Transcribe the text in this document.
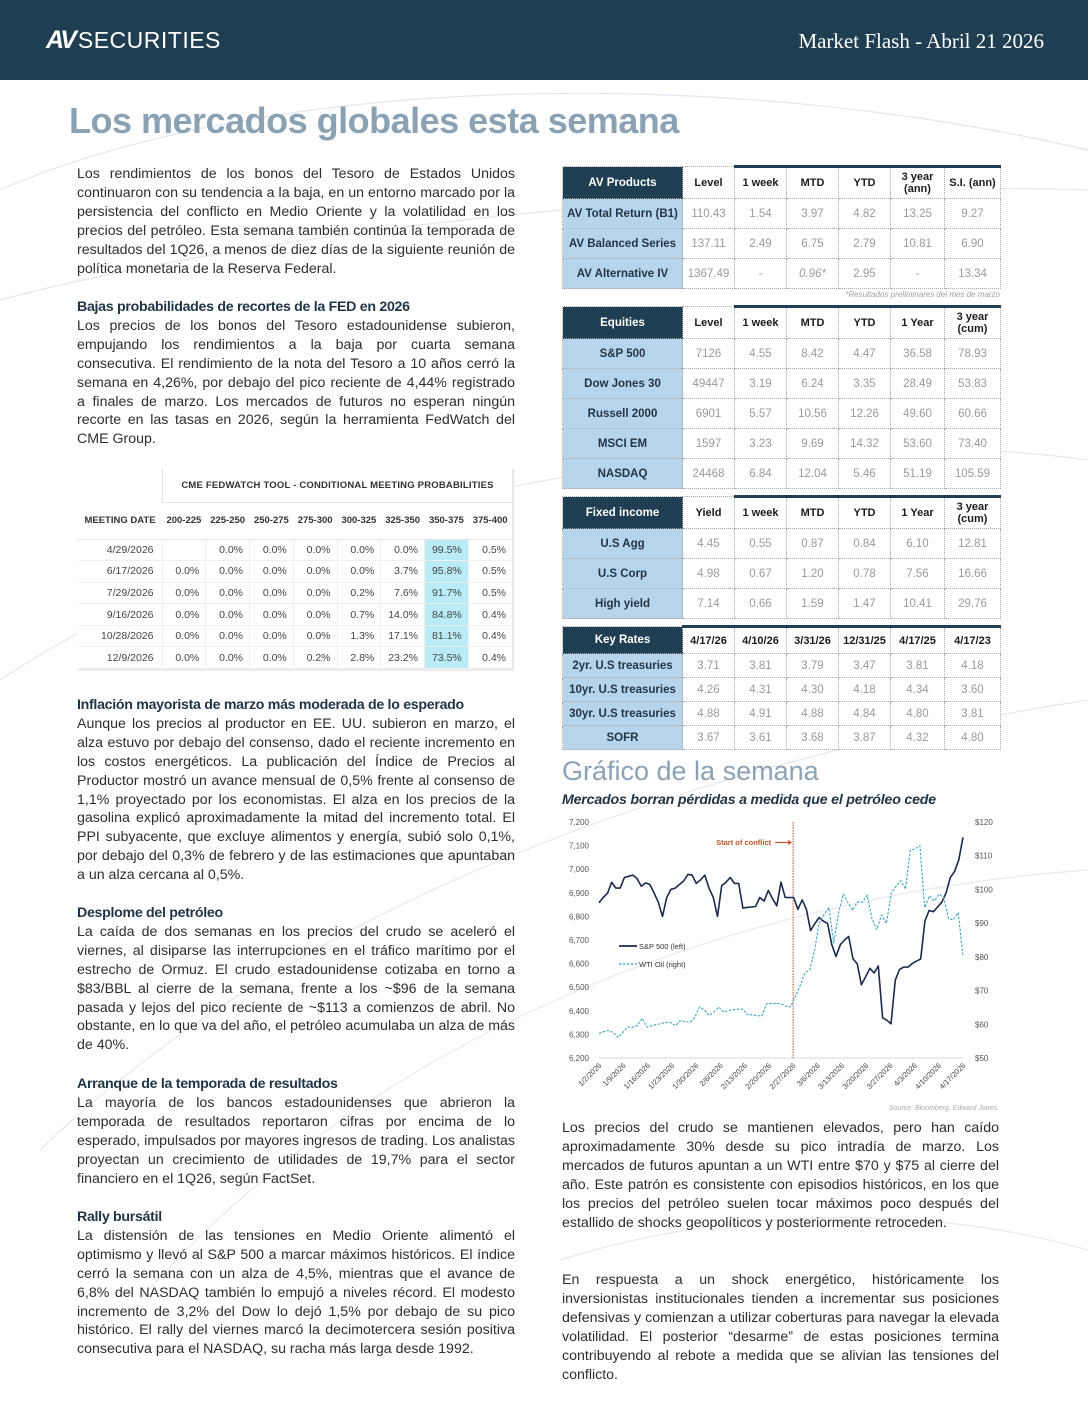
AV SECURITIES	Market Flash - Abril 21 2026
Los mercados globales esta semana

Los rendimientos de los bonos del Tesoro de Estados Unidos continuaron con su tendencia a la baja, en un entorno marcado por la persistencia del conflicto en Medio Oriente y la volatilidad en los precios del petróleo. Esta semana también continúa la temporada de resultados del 1Q26, a menos de diez días de la siguiente reunión de política monetaria de la Reserva Federal.

Bajas probabilidades de recortes de la FED en 2026

Los precios de los bonos del Tesoro estadounidense subieron, empujando los rendimientos a la baja por cuarta semana consecutiva. El rendimiento de la nota del Tesoro a 10 años cerró la semana en 4,26%, por debajo del pico reciente de 4,44% registrado a finales de marzo. Los mercados de futuros no esperan ningún recorte en las tasas en 2026, según la herramienta FedWatch del CME Group.

CME FEDWATCH TOOL - CONDITIONAL MEETING PROBABILITIES
MEETING DATE	200-225	225-250	250-275	275-300	300-325	325-350	350-375	375-400
4/29/2026		0.0%	0.0%	0.0%	0.0%	0.0%	99.5%	0.5%
6/17/2026	0.0%	0.0%	0.0%	0.0%	0.0%	3.7%	95.8%	0.5%
7/29/2026	0.0%	0.0%	0.0%	0.0%	0.2%	7.6%	91.7%	0.5%
9/16/2026	0.0%	0.0%	0.0%	0.0%	0.7%	14.0%	84.8%	0.4%
10/28/2026	0.0%	0.0%	0.0%	0.0%	1.3%	17.1%	81.1%	0.4%
12/9/2026	0.0%	0.0%	0.0%	0.2%	2.8%	23.2%	73.5%	0.4%
Inflación mayorista de marzo más moderada de lo esperado

Aunque los precios al productor en EE. UU. subieron en marzo, el alza estuvo por debajo del consenso, dado el reciente incremento en los costos energéticos. La publicación del Índice de Precios al Productor mostró un avance mensual de 0,5% frente al consenso de 1,1% proyectado por los economistas. El alza en los precios de la gasolina explicó aproximadamente la mitad del incremento total. El PPI subyacente, que excluye alimentos y energía, subió solo 0,1%, por debajo del 0,3% de febrero y de las estimaciones que apuntaban a un alza cercana al 0,5%.

Desplome del petróleo

La caída de dos semanas en los precios del crudo se aceleró el viernes, al disiparse las interrupciones en el tráfico marítimo por el estrecho de Ormuz. El crudo estadounidense cotizaba en torno a $83/BBL al cierre de la semana, frente a los ~$96 de la semana pasada y lejos del pico reciente de ~$113 a comienzos de abril. No obstante, en lo que va del año, el petróleo acumulaba un alza de más de 40%.

Arranque de la temporada de resultados

La mayoría de los bancos estadounidenses que abrieron la temporada de resultados reportaron cifras por encima de lo esperado, impulsados por mayores ingresos de trading. Los analistas proyectan un crecimiento de utilidades de 19,7% para el sector financiero en el 1Q26, según FactSet.

Rally bursátil

La distensión de las tensiones en Medio Oriente alimentó el optimismo y llevó al S&P 500 a marcar máximos históricos. El índice cerró la semana con un alza de 4,5%, mientras que el avance de 6,8% del NASDAQ también lo empujó a niveles récord. El modesto incremento de 3,2% del Dow lo dejó 1,5% por debajo de su pico histórico. El rally del viernes marcó la decimotercera sesión positiva consecutiva para el NASDAQ, su racha más larga desde 1992.

AV Products	Level	1 week	MTD	YTD	3 year (ann)	S.I. (ann)
AV Total Return (B1)	110.43	1.54	3.97	4.82	13.25	9.27
AV Balanced Series	137.11	2.49	6.75	2.79	10.81	6.90
AV Alternative IV	1367.49	-	0.96*	2.95	-	13.34
*Resultados preliminares del mes de marzo
Equities	Level	1 week	MTD	YTD	1 Year	3 year (cum)
S&P 500	7126	4.55	8.42	4.47	36.58	78.93
Dow Jones 30	49447	3.19	6.24	3.35	28.49	53.83
Russell 2000	6901	5.57	10.56	12.26	49.60	60.66
MSCI EM	1597	3.23	9.69	14.32	53.60	73.40
NASDAQ	24468	6.84	12.04	5.46	51.19	105.59
Fixed income	Yield	1 week	MTD	YTD	1 Year	3 year (cum)
U.S Agg	4.45	0.55	0.87	0.84	6.10	12.81
U.S Corp	4.98	0.67	1.20	0.78	7.56	16.66
High yield	7.14	0.66	1.59	1.47	10.41	29.76
Key Rates	4/17/26	4/10/26	3/31/26	12/31/25	4/17/25	4/17/23
2yr. U.S treasuries	3.71	3.81	3.79	3.47	3.81	4.18
10yr. U.S treasuries	4.26	4.31	4.30	4.18	4.34	3.60
30yr. U.S treasuries	4.88	4.91	4.88	4.84	4.80	3.81
SOFR	3.67	3.61	3.68	3.87	4.32	4.80
Gráfico de la semana
Mercados borran pérdidas a medida que el petróleo cede
6,200
6,300
6,400
6,500
6,600
6,700
6,800
6,900
7,000
7,100
7,200
$50
$60
$70
$80
$90
$100
$110
$120
1/2/2026
1/9/2026
1/16/2026
1/23/2026
1/30/2026
2/6/2026
2/13/2026
2/20/2026
2/27/2026
3/6/2026
3/13/2026
3/20/2026
3/27/2026
4/3/2026
4/10/2026
4/17/2026
Start of conflict
S&P 500 (left)
WTI Oil (right)
Source: Bloomberg, Edward Jones.

Los precios del crudo se mantienen elevados, pero han caído aproximadamente 30% desde su pico intradía de marzo. Los mercados de futuros apuntan a un WTI entre $70 y $75 al cierre del año. Este patrón es consistente con episodios históricos, en los que los precios del petróleo suelen tocar máximos poco después del estallido de shocks geopolíticos y posteriormente retroceden.

En respuesta a un shock energético, históricamente los inversionistas institucionales tienden a incrementar sus posiciones defensivas y comienzan a utilizar coberturas para navegar la elevada volatilidad. El posterior “desarme” de estas posiciones termina contribuyendo al rebote a medida que se alivian las tensiones del conflicto.
